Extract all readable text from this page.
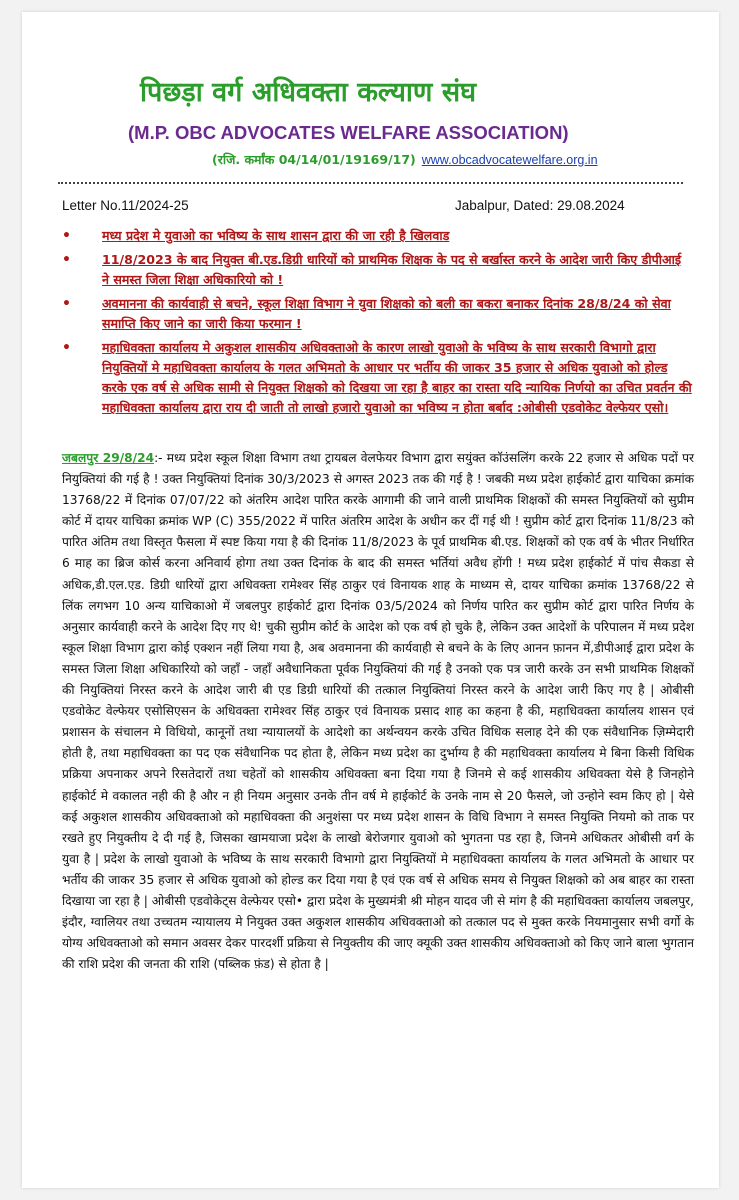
पिछड़ा वर्ग अधिवक्ता कल्याण संघ
(M.P. OBC ADVOCATES WELFARE ASSOCIATION)
(रजि. कर्मांक 04/14/01/19169/17) www.obcadvocatewelfare.org.in
Letter No.11/2024-25	Jabalpur, Dated: 29.08.2024
• मध्य प्रदेश मे युवाओ का भविष्य के साथ शासन द्वारा की जा रही है खिलवाड
• 11/8/2023 के बाद नियुक्त बी.एड.डिग्री धारियों को प्राथमिक शिक्षक के पद से बर्खास्त करने के आदेश जारी किए डीपीआई ने समस्त जिला शिक्षा अधिकारियो को !
• अवमानना की कार्यवाही से बचने, स्कूल शिक्षा विभाग ने युवा शिक्षको को बली का बकरा बनाकर दिनांक 28/8/24 को सेवा समाप्ति किए जाने का जारी किया फरमान !
• महाधिवक्ता कार्यालय मे अकुशल शासकीय अधिवक्ताओ के कारण लाखो युवाओ के भविष्य के साथ सरकारी विभागो द्वारा नियुक्तियों मे महाधिवक्ता कार्यालय के गलत अभिमतो के आधार पर भर्तीय की जाकर 35 हजार से अधिक युवाओ को होल्ड करके एक वर्ष से अधिक सामी से नियुक्त शिक्षको को दिखया जा रहा है बाहर का रास्ता यदि न्यायिक निर्णयो का उचित प्रवर्तन की महाधिवक्ता कार्यालय द्वारा राय दी जाती तो लाखो हजारो युवाओ का भविष्य न होता बर्बाद :ओबीसी एडवोकेट वेल्फेयर एसो।

जबलपुर 29/8/24:- मध्य प्रदेश स्कूल शिक्षा विभाग तथा ट्रायबल वेलफेयर विभाग द्वारा सयुंक्त कॉउंसलिंग करके 22 हजार से अधिक पदों पर नियुक्तियां की गई है ! उक्त नियुक्तियां दिनांक 30/3/2023 से अगस्त 2023 तक की गई है ! जबकी मध्य प्रदेश हाईकोर्ट द्वारा याचिका क्रमांक 13768/22 में दिनांक 07/07/22 को अंतरिम आदेश पारित करके आगामी की जाने वाली प्राथमिक शिक्षकों की समस्त नियुक्तियों को सुप्रीम कोर्ट में दायर याचिका क्रमांक WP (C) 355/2022 में पारित अंतरिम आदेश के अधीन कर दीं गई थी ! सुप्रीम कोर्ट द्वारा दिनांक 11/8/23 को पारित अंतिम तथा विस्तृत फैसला में स्पष्ट किया गया है की दिनांक 11/8/2023 के पूर्व प्राथमिक बी.एड. शिक्षकों को एक वर्ष के भीतर निर्धारित 6 माह का ब्रिज कोर्स करना अनिवार्य होगा तथा उक्त दिनांक के बाद की समस्त भर्तियां अवैध होंगी ! मध्य प्रदेश हाईकोर्ट में पांच सैकडा से अधिक,डी.एल.एड. डिग्री धारियों द्वारा अधिवक्ता रामेश्वर सिंह ठाकुर एवं विनायक शाह के माध्यम से, दायर याचिका क्रमांक 13768/22 से लिंक लगभग 10 अन्य याचिकाओ में जबलपुर हाईकोर्ट द्वारा दिनांक 03/5/2024 को निर्णय पारित कर सुप्रीम कोर्ट द्वारा पारित निर्णय के अनुसार कार्यवाही करने के आदेश दिए गए थे! चुकी सुप्रीम कोर्ट के आदेश को एक वर्ष हो चुके है, लेकिन उक्त आदेशों के परिपालन में मध्य प्रदेश स्कूल शिक्षा विभाग द्वारा कोई एक्शन नहीं लिया गया है, अब अवमानना की कार्यवाही से बचने के के लिए आनन फ़ानन में,डीपीआई द्वारा प्रदेश के समस्त जिला शिक्षा अधिकारियो को जहाँ - जहाँ अवैधानिकता पूर्वक नियुक्तियां की गई है उनको एक पत्र जारी करके उन सभी प्राथमिक शिक्षकों की नियुक्तियां निरस्त करने के आदेश जारी बी एड डिग्री धारियों की तत्काल नियुक्तियां निरस्त करने के आदेश जारी किए गए है | ओबीसी एडवोकेट वेल्फेयर एसोसिएसन के अधिवक्ता रामेश्वर सिंह ठाकुर एवं विनायक प्रसाद शाह का कहना है की, महाधिवक्ता कार्यालय शासन एवं प्रशासन के संचालन मे विधियो, कानूनों तथा न्यायालयों के आदेशो का अर्थन्वयन करके उचित विधिक सलाह देने की एक संवैधानिक ज़िम्मेदारी होती है, तथा महाधिवक्ता का पद एक संवैधानिक पद होता है, लेकिन मध्य प्रदेश का दुर्भाग्य है की महाधिवक्ता कार्यालय मे बिना किसी विधिक प्रक्रिया अपनाकर अपने रिसतेदारों तथा चहेतों को शासकीय अधिवक्ता बना दिया गया है जिनमे से कई शासकीय अधिवक्ता येसे है जिनहोने हाईकोर्ट मे वकालत नही की है और न ही नियम अनुसार उनके तीन वर्ष मे हाईकोर्ट के उनके नाम से 20 फैसले, जो उन्होने स्वम किए हो | येसे कई अकुशल शासकीय अधिवक्ताओ को महाधिवक्ता की अनुशंसा पर मध्य प्रदेश शासन के विधि विभाग ने समस्त नियुक्ति नियमो को ताक पर रखते हुए नियुक्तीय दे दी गई है, जिसका खामयाजा प्रदेश के लाखो बेरोजगार युवाओ को भुगतना पड रहा है, जिनमे अधिकतर ओबीसी वर्ग के युवा है | प्रदेश के लाखो युवाओ के भविष्य के साथ सरकारी विभागो द्वारा नियुक्तियों मे महाधिवक्ता कार्यालय के गलत अभिमतो के आधार पर भर्तीय की जाकर 35 हजार से अधिक युवाओ को होल्ड कर दिया गया है एवं एक वर्ष से अधिक समय से नियुक्त शिक्षको को अब बाहर का रास्ता दिखाया जा रहा है | ओबीसी एडवोकेट्स वेल्फेयर एसो• द्वारा प्रदेश के मुख्यमंत्री श्री मोहन यादव जी से मांग है की महाधिवक्ता कार्यालय जबलपुर, इंदौर, ग्वालियर तथा उच्चतम न्यायालय मे नियुक्त उक्त अकुशल शासकीय अधिवक्ताओ को तत्काल पद से मुक्त करके नियमानुसार सभी वर्गो के योग्य अधिवक्ताओ को समान अवसर देकर पारदर्शी प्रक्रिया से नियुक्तीय की जाए क्यूकी उक्त शासकीय अधिवक्ताओ को किए जाने बाला भुगतान की राशि प्रदेश की जनता की राशि (पब्लिक फ़ंड) से होता है |
